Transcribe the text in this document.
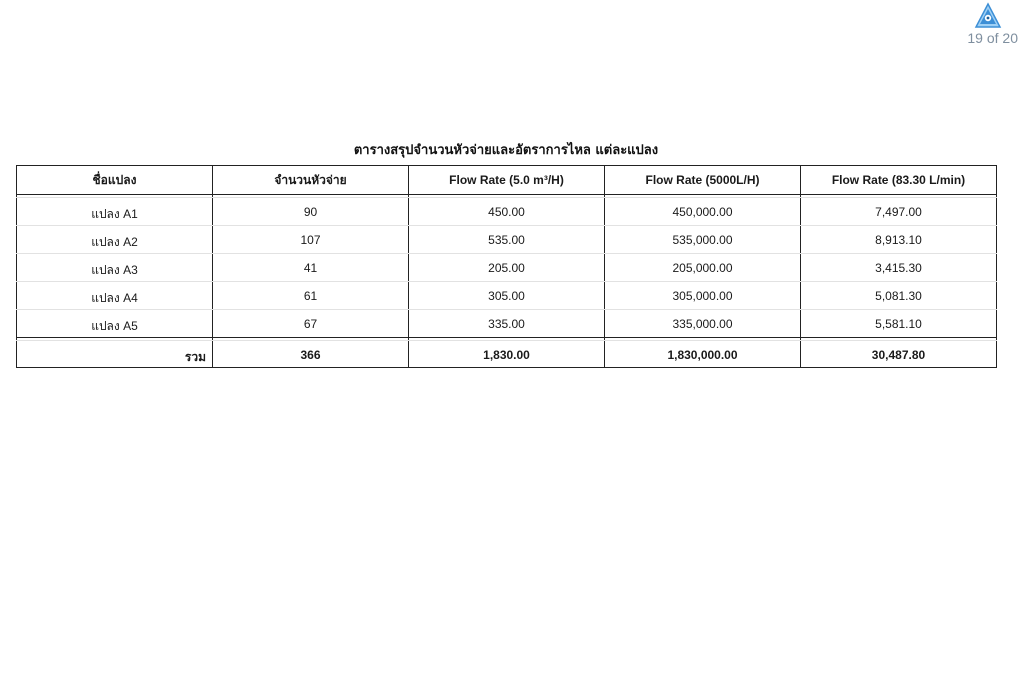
19 of 20
ตารางสรุปจำนวนหัวจ่ายและอัตราการไหล แต่ละแปลง
ชื่อแปลง	จำนวนหัวจ่าย	Flow Rate (5.0 m³/H)	Flow Rate (5000L/H)	Flow Rate (83.30 L/min)

แปลง A1	90	450.00	450,000.00	7,497.00
แปลง A2	107	535.00	535,000.00	8,913.10
แปลง A3	41	205.00	205,000.00	3,415.30
แปลง A4	61	305.00	305,000.00	5,081.30
แปลง A5	67	335.00	335,000.00	5,581.10

รวม	366	1,830.00	1,830,000.00	30,487.80
